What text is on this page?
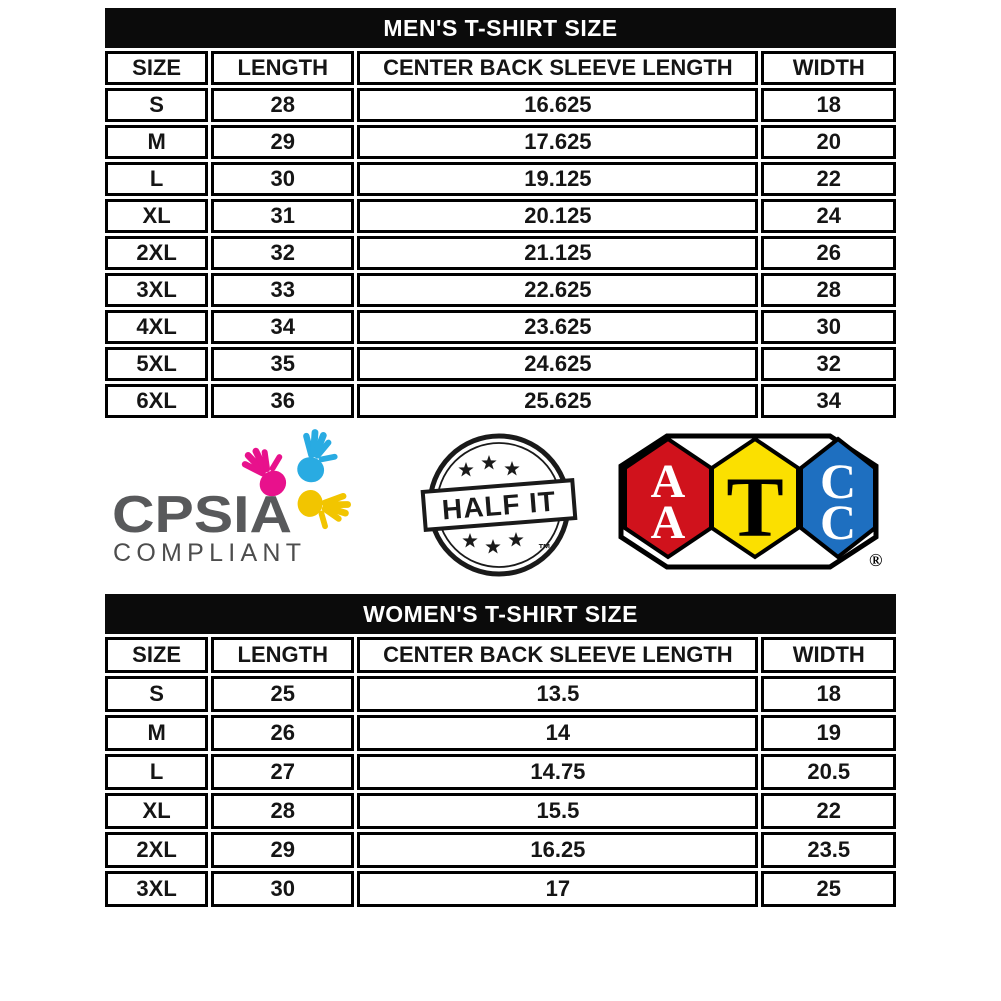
MEN'S T-SHIRT SIZE			
SIZE	LENGTH	CENTER BACK SLEEVE LENGTH	WIDTH
S	28	16.625	18
M	29	17.625	20
L	30	19.125	22
XL	31	20.125	24
2XL	32	21.125	26
3XL	33	22.625	28
4XL	34	23.625	30
5XL	35	24.625	32
6XL	36	25.625	34
CPSIA
COMPLIANT
HALF IT
™
A
A T C
C
®
WOMEN'S T-SHIRT SIZE			
SIZE	LENGTH	CENTER BACK SLEEVE LENGTH	WIDTH
S	25	13.5	18
M	26	14	19
L	27	14.75	20.5
XL	28	15.5	22
2XL	29	16.25	23.5
3XL	30	17	25
